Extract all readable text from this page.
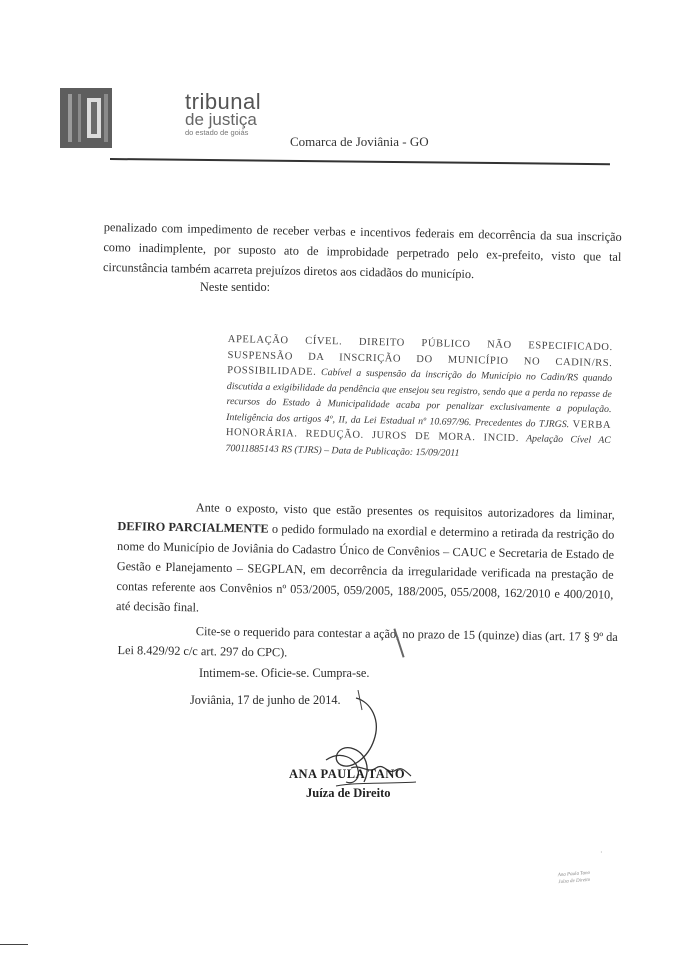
tribunal
de justiça
do estado de goiás
Comarca de Joviânia - GO
penalizado com impedimento de receber verbas e incentivos federais em decorrência da sua inscrição como inadimplente, por suposto ato de improbidade perpetrado pelo ex-prefeito, visto que tal circunstância também acarreta prejuízos diretos aos cidadãos do município.
Neste sentido:
APELAÇÃO CÍVEL. DIREITO PÚBLICO NÃO ESPECIFICADO. SUSPENSÃO DA INSCRIÇÃO DO MUNICÍPIO NO CADIN/RS. POSSIBILIDADE. Cabível a suspensão da inscrição do Município no Cadin/RS quando discutida a exigibilidade da pendência que ensejou seu registro, sendo que a perda no repasse de recursos do Estado à Municipalidade acaba por penalizar exclusivamente a população. Inteligência dos artigos 4º, II, da Lei Estadual nº 10.697/96. Precedentes do TJRGS. VERBA HONORÁRIA. REDUÇÃO. JUROS DE MORA. INCID. Apelação Cível AC 70011885143 RS (TJRS) – Data de Publicação: 15/09/2011
Ante o exposto, visto que estão presentes os requisitos autorizadores da liminar, DEFIRO PARCIALMENTE o pedido formulado na exordial e determino a retirada da restrição do nome do Município de Joviânia do Cadastro Único de Convênios – CAUC e Secretaria de Estado de Gestão e Planejamento – SEGPLAN, em decorrência da irregularidade verificada na prestação de contas referente aos Convênios nº 053/2005, 059/2005, 188/2005, 055/2008, 162/2010 e 400/2010, até decisão final.
Cite-se o requerido para contestar a ação, no prazo de 15 (quinze) dias (art. 17 § 9º da Lei 8.429/92 c/c art. 297 do CPC).
Intimem-se. Oficie-se. Cumpra-se.
Joviânia, 17 de junho de 2014.
ANA PAULA TANO
Juíza de Direito
·
Ana Paula Tano
Juíza de Direito
